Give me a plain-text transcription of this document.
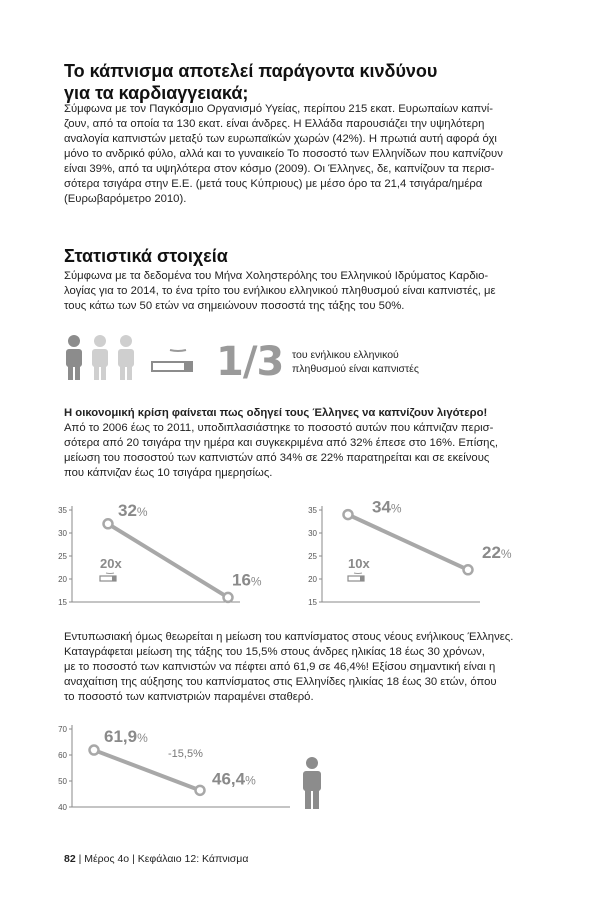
Το κάπνισμα αποτελεί παράγοντα κινδύνου
για τα καρδιαγγειακά;
Σύμφωνα με τον Παγκόσμιο Οργανισμό Υγείας, περίπου 215 εκατ. Ευρωπαίων καπνί-
ζουν, από τα οποία τα 130 εκατ. είναι άνδρες. Η Ελλάδα παρουσιάζει την υψηλότερη
αναλογία καπνιστών μεταξύ των ευρωπαϊκών χωρών (42%). Η πρωτιά αυτή αφορά όχι
μόνο το ανδρικό φύλο, αλλά και το γυναικείο Το ποσοστό των Ελληνίδων που καπνίζουν
είναι 39%, από τα υψηλότερα στον κόσμο (2009). Οι Έλληνες, δε, καπνίζουν τα περισ-
σότερα τσιγάρα στην Ε.Ε. (μετά τους Κύπριους) με μέσο όρο τα 21,4 τσιγάρα/ημέρα
(Ευρωβαρόμετρο 2010).
Στατιστικά στοιχεία
Σύμφωνα με τα δεδομένα του Μήνα Χοληστερόλης του Ελληνικού Ιδρύματος Καρδιο-
λογίας για το 2014, το ένα τρίτο του ενήλικου ελληνικού πληθυσμού είναι καπνιστές, με
τους κάτω των 50 ετών να σημειώνουν ποσοστά της τάξης του 50%.
1/3 του ενήλικου ελληνικού
πληθυσμού είναι καπνιστές
Η οικονομική κρίση φαίνεται πως οδηγεί τους Έλληνες να καπνίζουν λιγότερο!
Από το 2006 έως το 2011, υποδιπλασιάστηκε το ποσοστό αυτών που κάπνιζαν περισ-
σότερα από 20 τσιγάρα την ημέρα και συγκεκριμένα από 32% έπεσε στο 16%. Επίσης,
μείωση του ποσοστού των καπνιστών από 34% σε 22% παρατηρείται και σε εκείνους
που κάπνιζαν έως 10 τσιγάρα ημερησίως.
15
20
25
30
35	32%
16%
20x
15
20
25
30
35	34%
22%
10x
Εντυπωσιακή όμως θεωρείται η μείωση του καπνίσματος στους νέους ενήλικους Έλληνες.
Καταγράφεται μείωση της τάξης του 15,5% στους άνδρες ηλικίας 18 έως 30 χρόνων,
με το ποσοστό των καπνιστών να πέφτει από 61,9 σε 46,4%! Εξίσου σημαντική είναι η
αναχαίτιση της αύξησης του καπνίσματος στις Ελληνίδες ηλικίας 18 έως 30 ετών, όπου
το ποσοστό των καπνιστριών παραμένει σταθερό.
40
50
60
70 61,9%
46,4%
-15,5%
82 | Μέρος 4ο | Κεφάλαιο 12: Κάπνισμα
